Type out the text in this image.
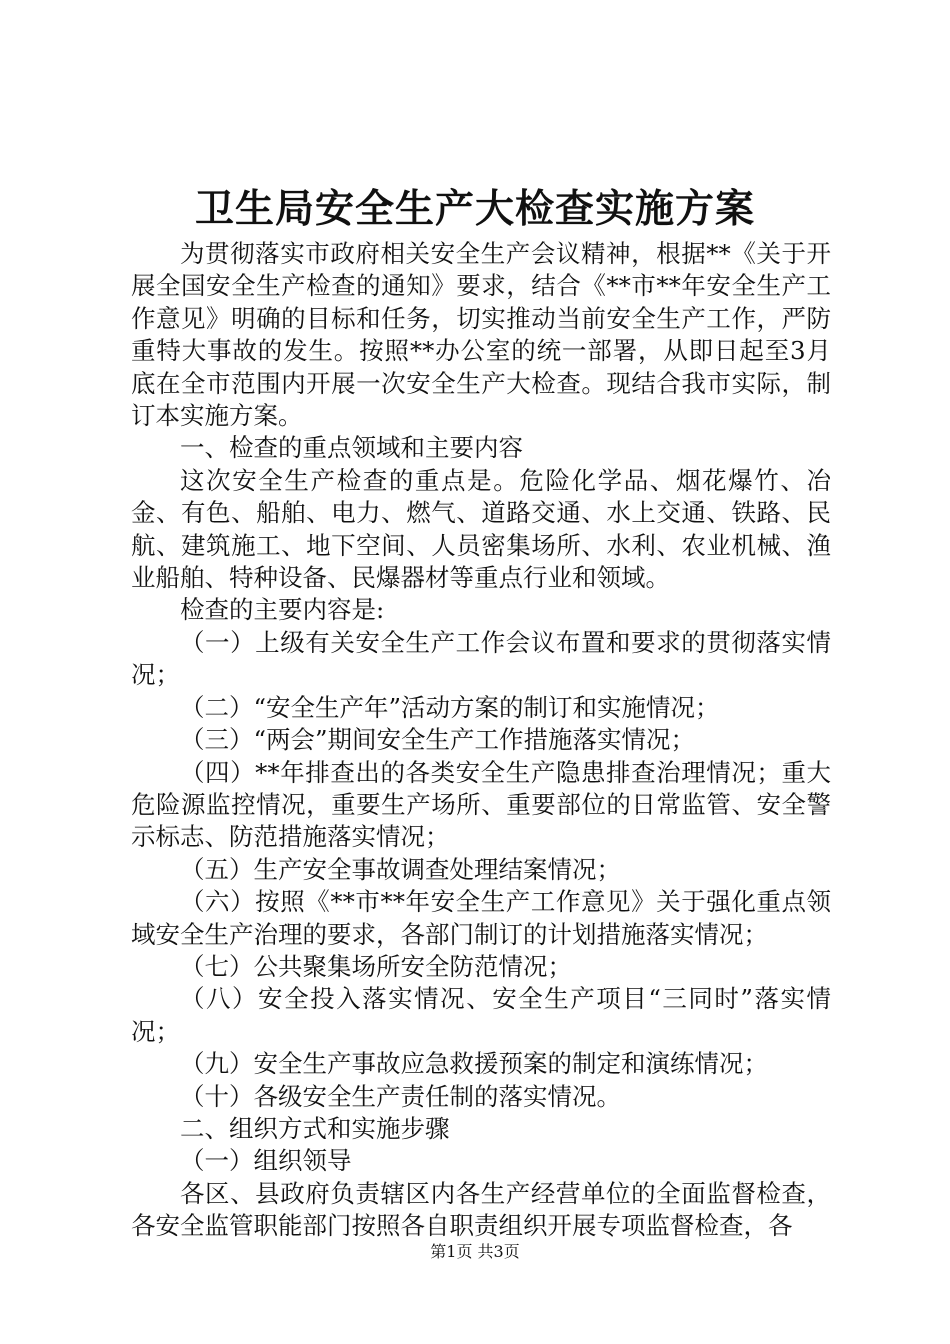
卫生局安全生产大检查实施方案

为贯彻落实市政府相关安全生产会议精神，根据**《关于开展全国安全生产检查的通知》要求，结合《**市**年安全生产工作意见》明确的目标和任务，切实推动当前安全生产工作，严防重特大事故的发生。按照**办公室的统一部署，从即日起至3月底在全市范围内开展一次安全生产大检查。现结合我市实际，制订本实施方案。

一、检查的重点领域和主要内容

这次安全生产检查的重点是。危险化学品、烟花爆竹、冶金、有色、船舶、电力、燃气、道路交通、水上交通、铁路、民航、建筑施工、地下空间、人员密集场所、水利、农业机械、渔业船舶、特种设备、民爆器材等重点行业和领域。

检查的主要内容是:

（一）上级有关安全生产工作会议布置和要求的贯彻落实情况；

（二）“安全生产年”活动方案的制订和实施情况；

（三）“两会”期间安全生产工作措施落实情况；

（四）**年排查出的各类安全生产隐患排查治理情况；重大危险源监控情况，重要生产场所、重要部位的日常监管、安全警示标志、防范措施落实情况；

（五）生产安全事故调查处理结案情况；

（六）按照《**市**年安全生产工作意见》关于强化重点领域安全生产治理的要求，各部门制订的计划措施落实情况；

（七）公共聚集场所安全防范情况；

（八）安全投入落实情况、安全生产项目“三同时”落实情况；

（九）安全生产事故应急救援预案的制定和演练情况；

（十）各级安全生产责任制的落实情况。

二、组织方式和实施步骤

（一）组织领导

各区、县政府负责辖区内各生产经营单位的全面监督检查，各安全监管职能部门按照各自职责组织开展专项监督检查，各

第1页 共3页
